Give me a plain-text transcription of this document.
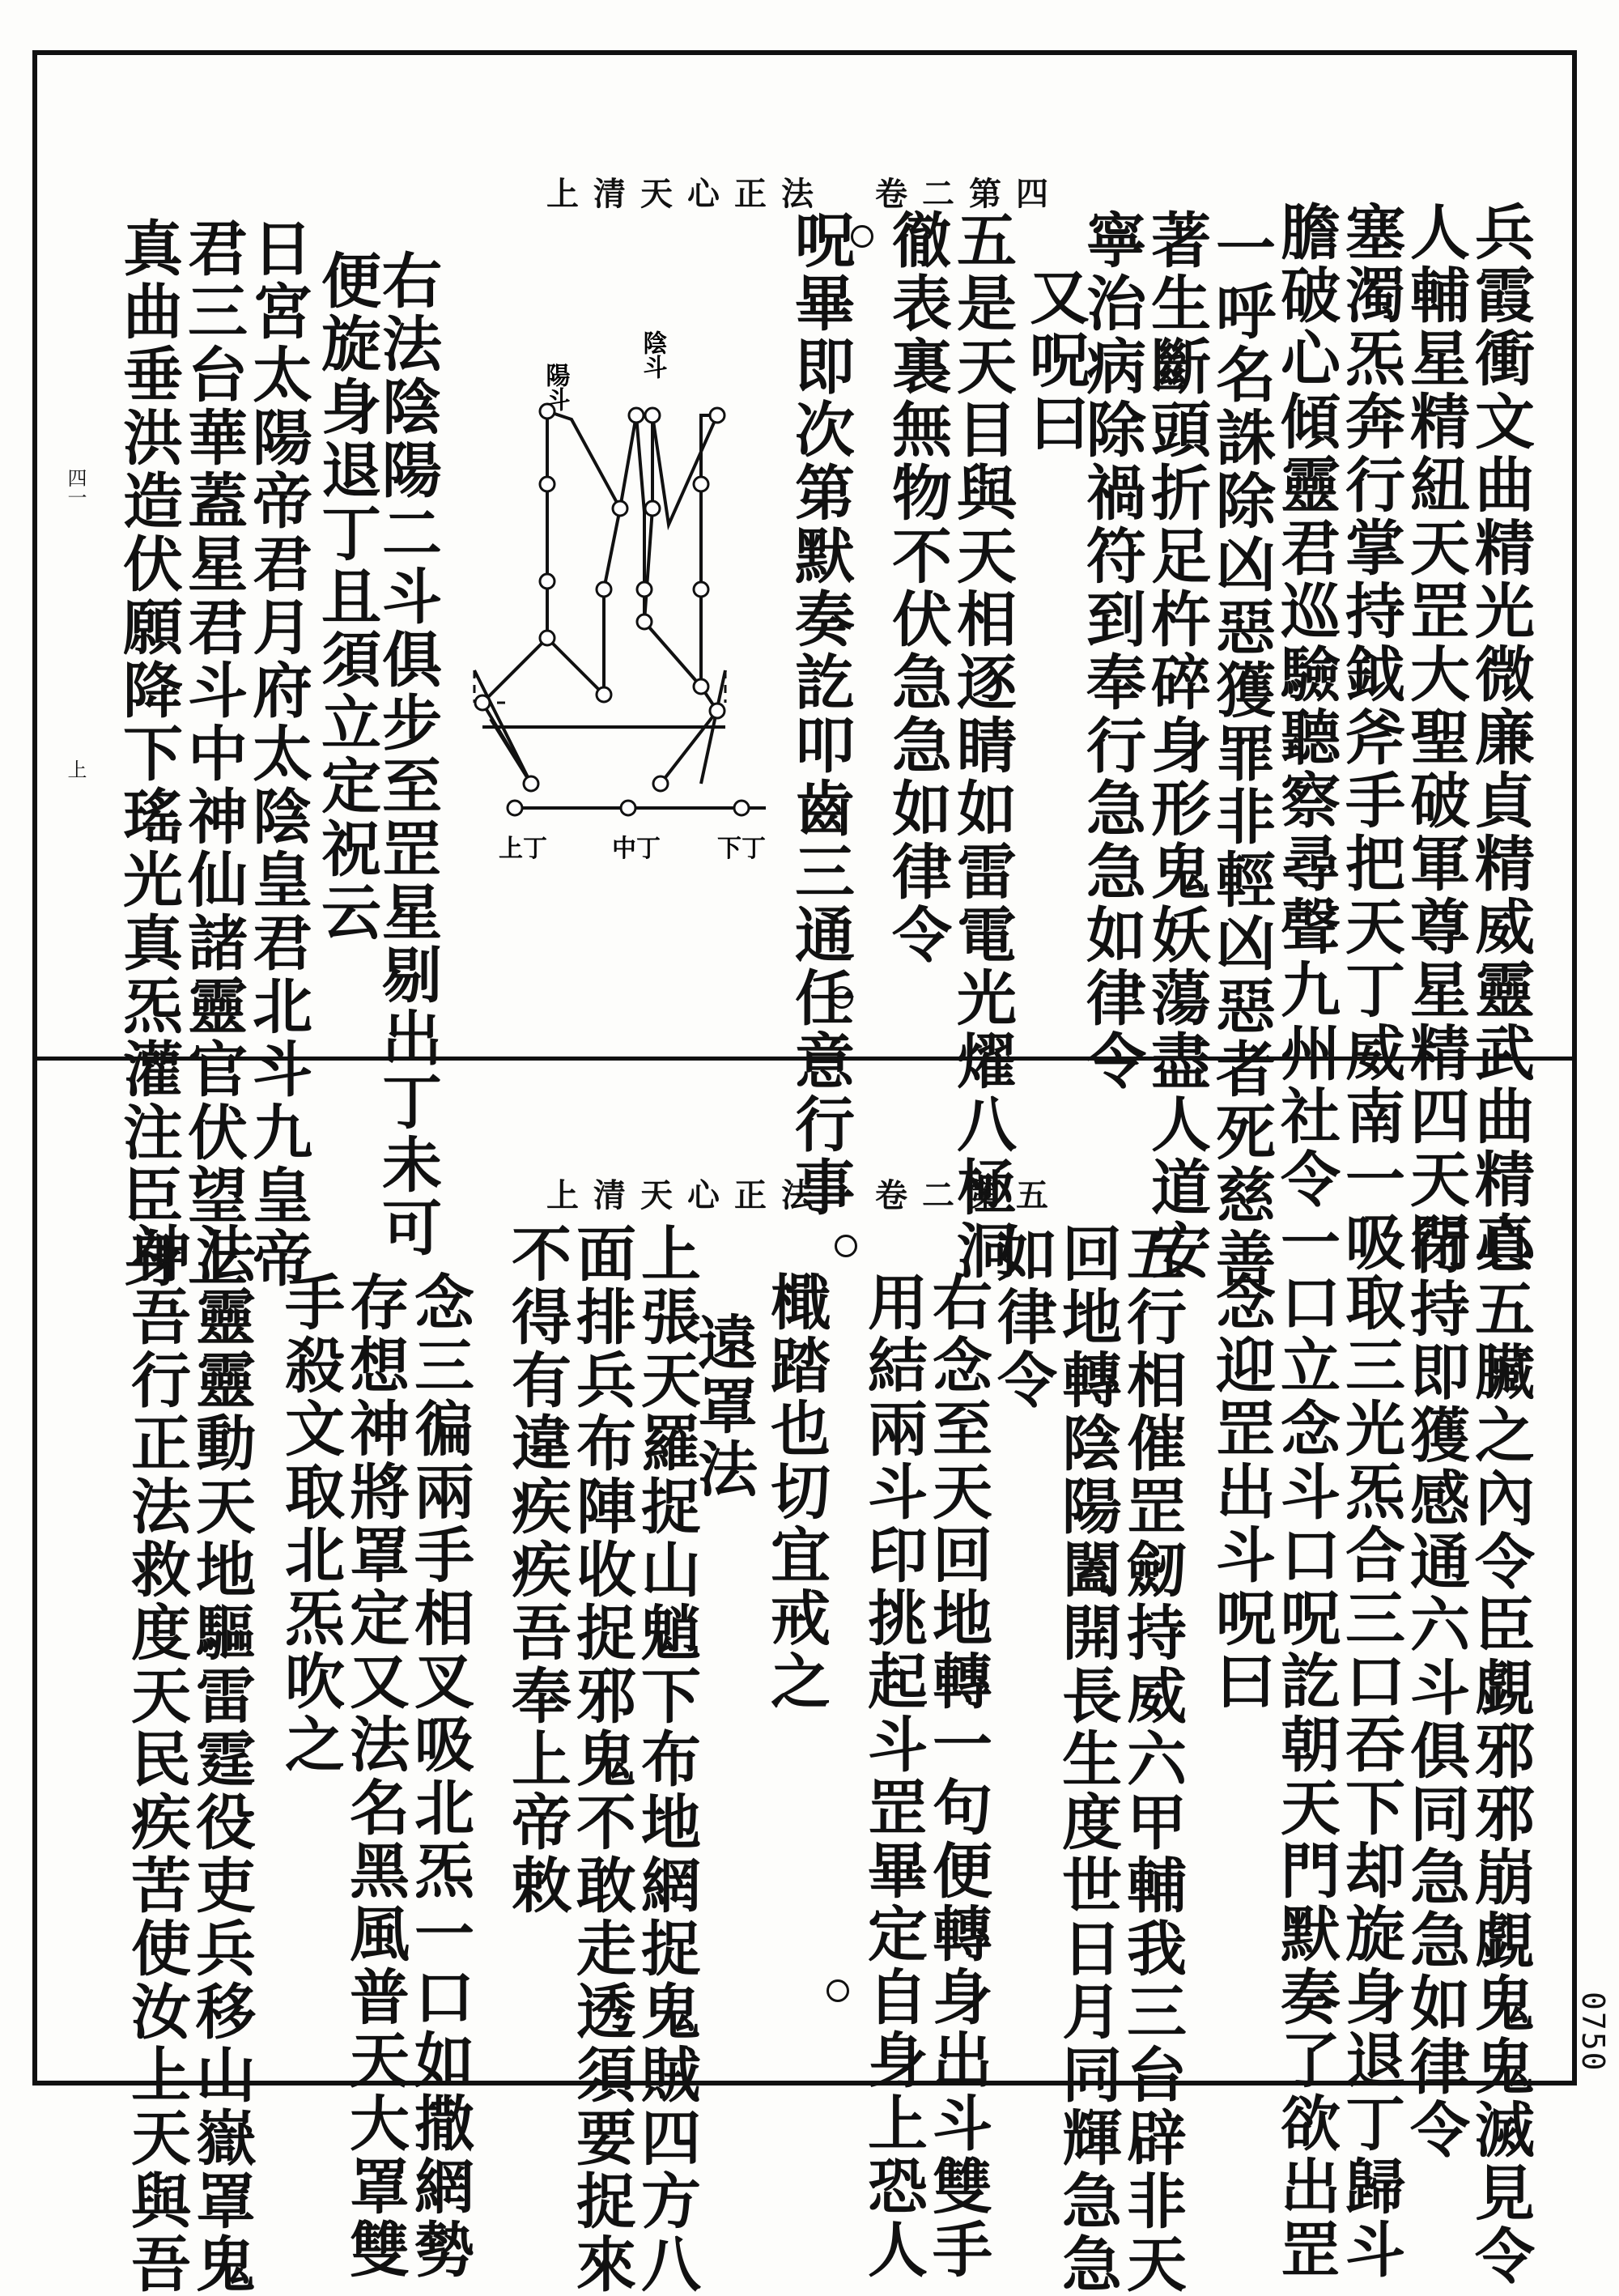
上清天心正法　卷二第四
兵霞衝文曲精光微廉貞精威靈武曲精真
人輔星精紐天罡大聖破軍尊星精四天閉
塞濁炁奔行掌持鉞斧手把天丁威南一吸
膽破心傾靈君巡驗聽察尋聲九州社令一
一呼名誅除凶惡獲罪非輕凶惡者死慈善
著生斷頭折足杵碎身形鬼妖蕩盡人道安
寧治病除禍符到奉行急急如律令
又呪曰
五是天目與天相逐睛如雷電光燿八極洞
徹表裏無物不伏急急如律令
呪畢即次第默奏訖叩齒三通任意行事
陰斗
陽斗
上丁	中丁 下丁
右法陰陽二斗俱步至罡星剔出丁未可
便旋身退丁且須立定祝云
日宮太陽帝君月府太陰皇君北斗九皇帝
君三台華蓋星君斗中神仙諸靈官伏望上
真曲垂洪造伏願降下瑤光真炁灌注臣身
四一
上
上清天心正法　卷二第五
心五臟之內令臣覷邪邪崩覷鬼鬼滅見令
行持即獲感通六斗俱同急急如律令
取三光炁合三口吞下却旋身退丁歸斗
口立念斗口呪訖朝天門默奏了欲出罡
念迎罡出斗呪曰
五行相催罡劒持威六甲輔我三台辟非天
回地轉陰陽闔開長生度世日月同輝急急
如律令
右念至天回地轉一句便轉身出斗雙手
用結兩斗印挑起斗罡畢定自身上恐人
檝踏也切宜戒之
遠罩法
上張天羅捉山魈下布地網捉鬼賊四方八
面排兵布陣收捉邪鬼不敢走透須要捉來
不得有違疾疾吾奉上帝敕
念三徧兩手相叉吸北炁一口如撒網勢
存想神將罩定又法名黑風普天大罩雙
手殺文取北炁吹之
法靈靈動天地驅雷霆役吏兵移山嶽罩鬼
神吾行正法救度天民疾苦使汝上天與吾	0750
